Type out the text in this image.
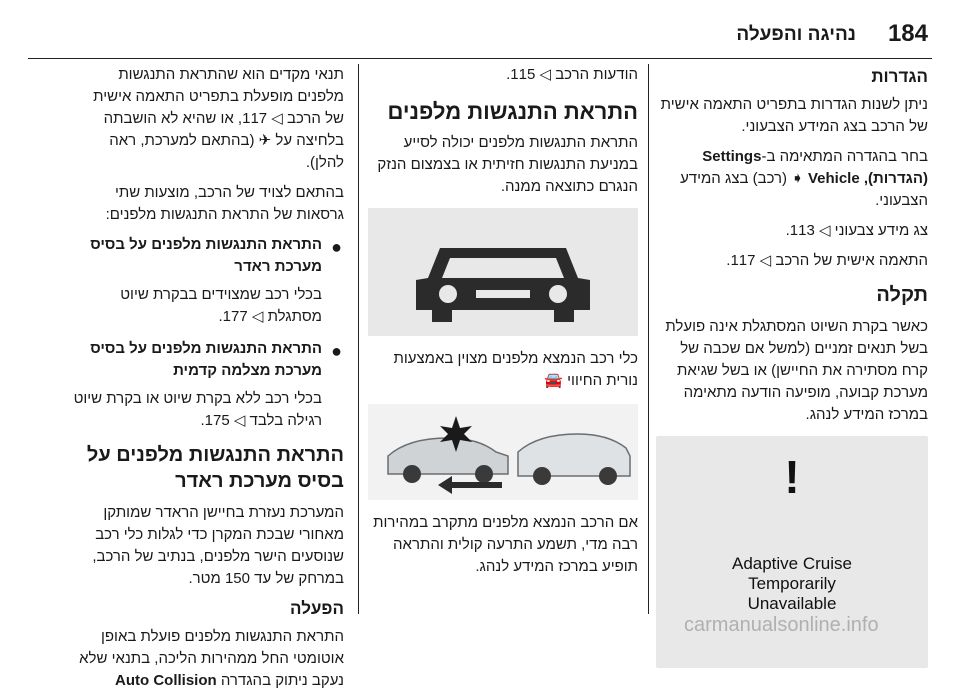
184
נהיגה והפעלה
הגדרות

ניתן לשנות הגדרות בתפריט התאמה אישית של הרכב בצג המידע הצבעוני.

בחר בהגדרה המתאימה ב-Settings
(הגדרות), Vehicle ➧ (רכב) בצג המידע הצבעוני.

צג מידע צבעוני ◁ 113.

התאמה אישית של הרכב ◁ 117.

תקלה

כאשר בקרת השיוט המסתגלת אינה פועלת בשל תנאים זמניים (למשל אם שכבה של קרח מסתירה את החיישן) או בשל שגיאת מערכת קבועה, מופיעה הודעה מתאימה במרכז המידע לנהג.

!
Adaptive Cruise
Temporarily
Unavailable

הודעות הרכב ◁ 115.

התראת התנגשות מלפנים

התראת התנגשות מלפנים יכולה לסייע במניעת התנגשות חזיתית או בצמצום הנזק הנגרם כתוצאה ממנה.

כלי רכב הנמצא מלפנים מצוין באמצעות נורית החיווי 🚘

אם הרכב הנמצא מלפנים מתקרב במהירות רבה מדי, תשמע התרעה קולית והתראה תופיע במרכז המידע לנהג.

תנאי מקדים הוא שהתראת התנגשות מלפנים מופעלת בתפריט התאמה אישית של הרכב ◁ 117, או שהיא לא הושבתה בלחיצה על ✈ (בהתאם למערכת, ראה להלן).

בהתאם לצויד של הרכב, מוצעות שתי גרסאות של התראת התנגשות מלפנים:

●
התראת התנגשות מלפנים על בסיס מערכת ראדר
בכלי רכב שמצוידים בבקרת שיוט מסתגלת ◁ 177.
●
התראת התנגשות מלפנים על בסיס מערכת מצלמה קדמית
בכלי רכב ללא בקרת שיוט או בקרת שיוט רגילה בלבד ◁ 175.
התראת התנגשות מלפנים על בסיס מערכת ראדר

המערכת נעזרת בחיישן הראדר שמותקן מאחורי שבכת המקרן כדי לגלות כלי רכב שנוסעים הישר מלפנים, בנתיב של הרכב, במרחק של עד 150 מטר.

הפעלה

התראת התנגשות מלפנים פועלת באופן אוטומטי החל ממהירות הליכה, בתנאי שלא נעקב ניתוק בהגדרה Auto Collision

carmanualsonline.info
